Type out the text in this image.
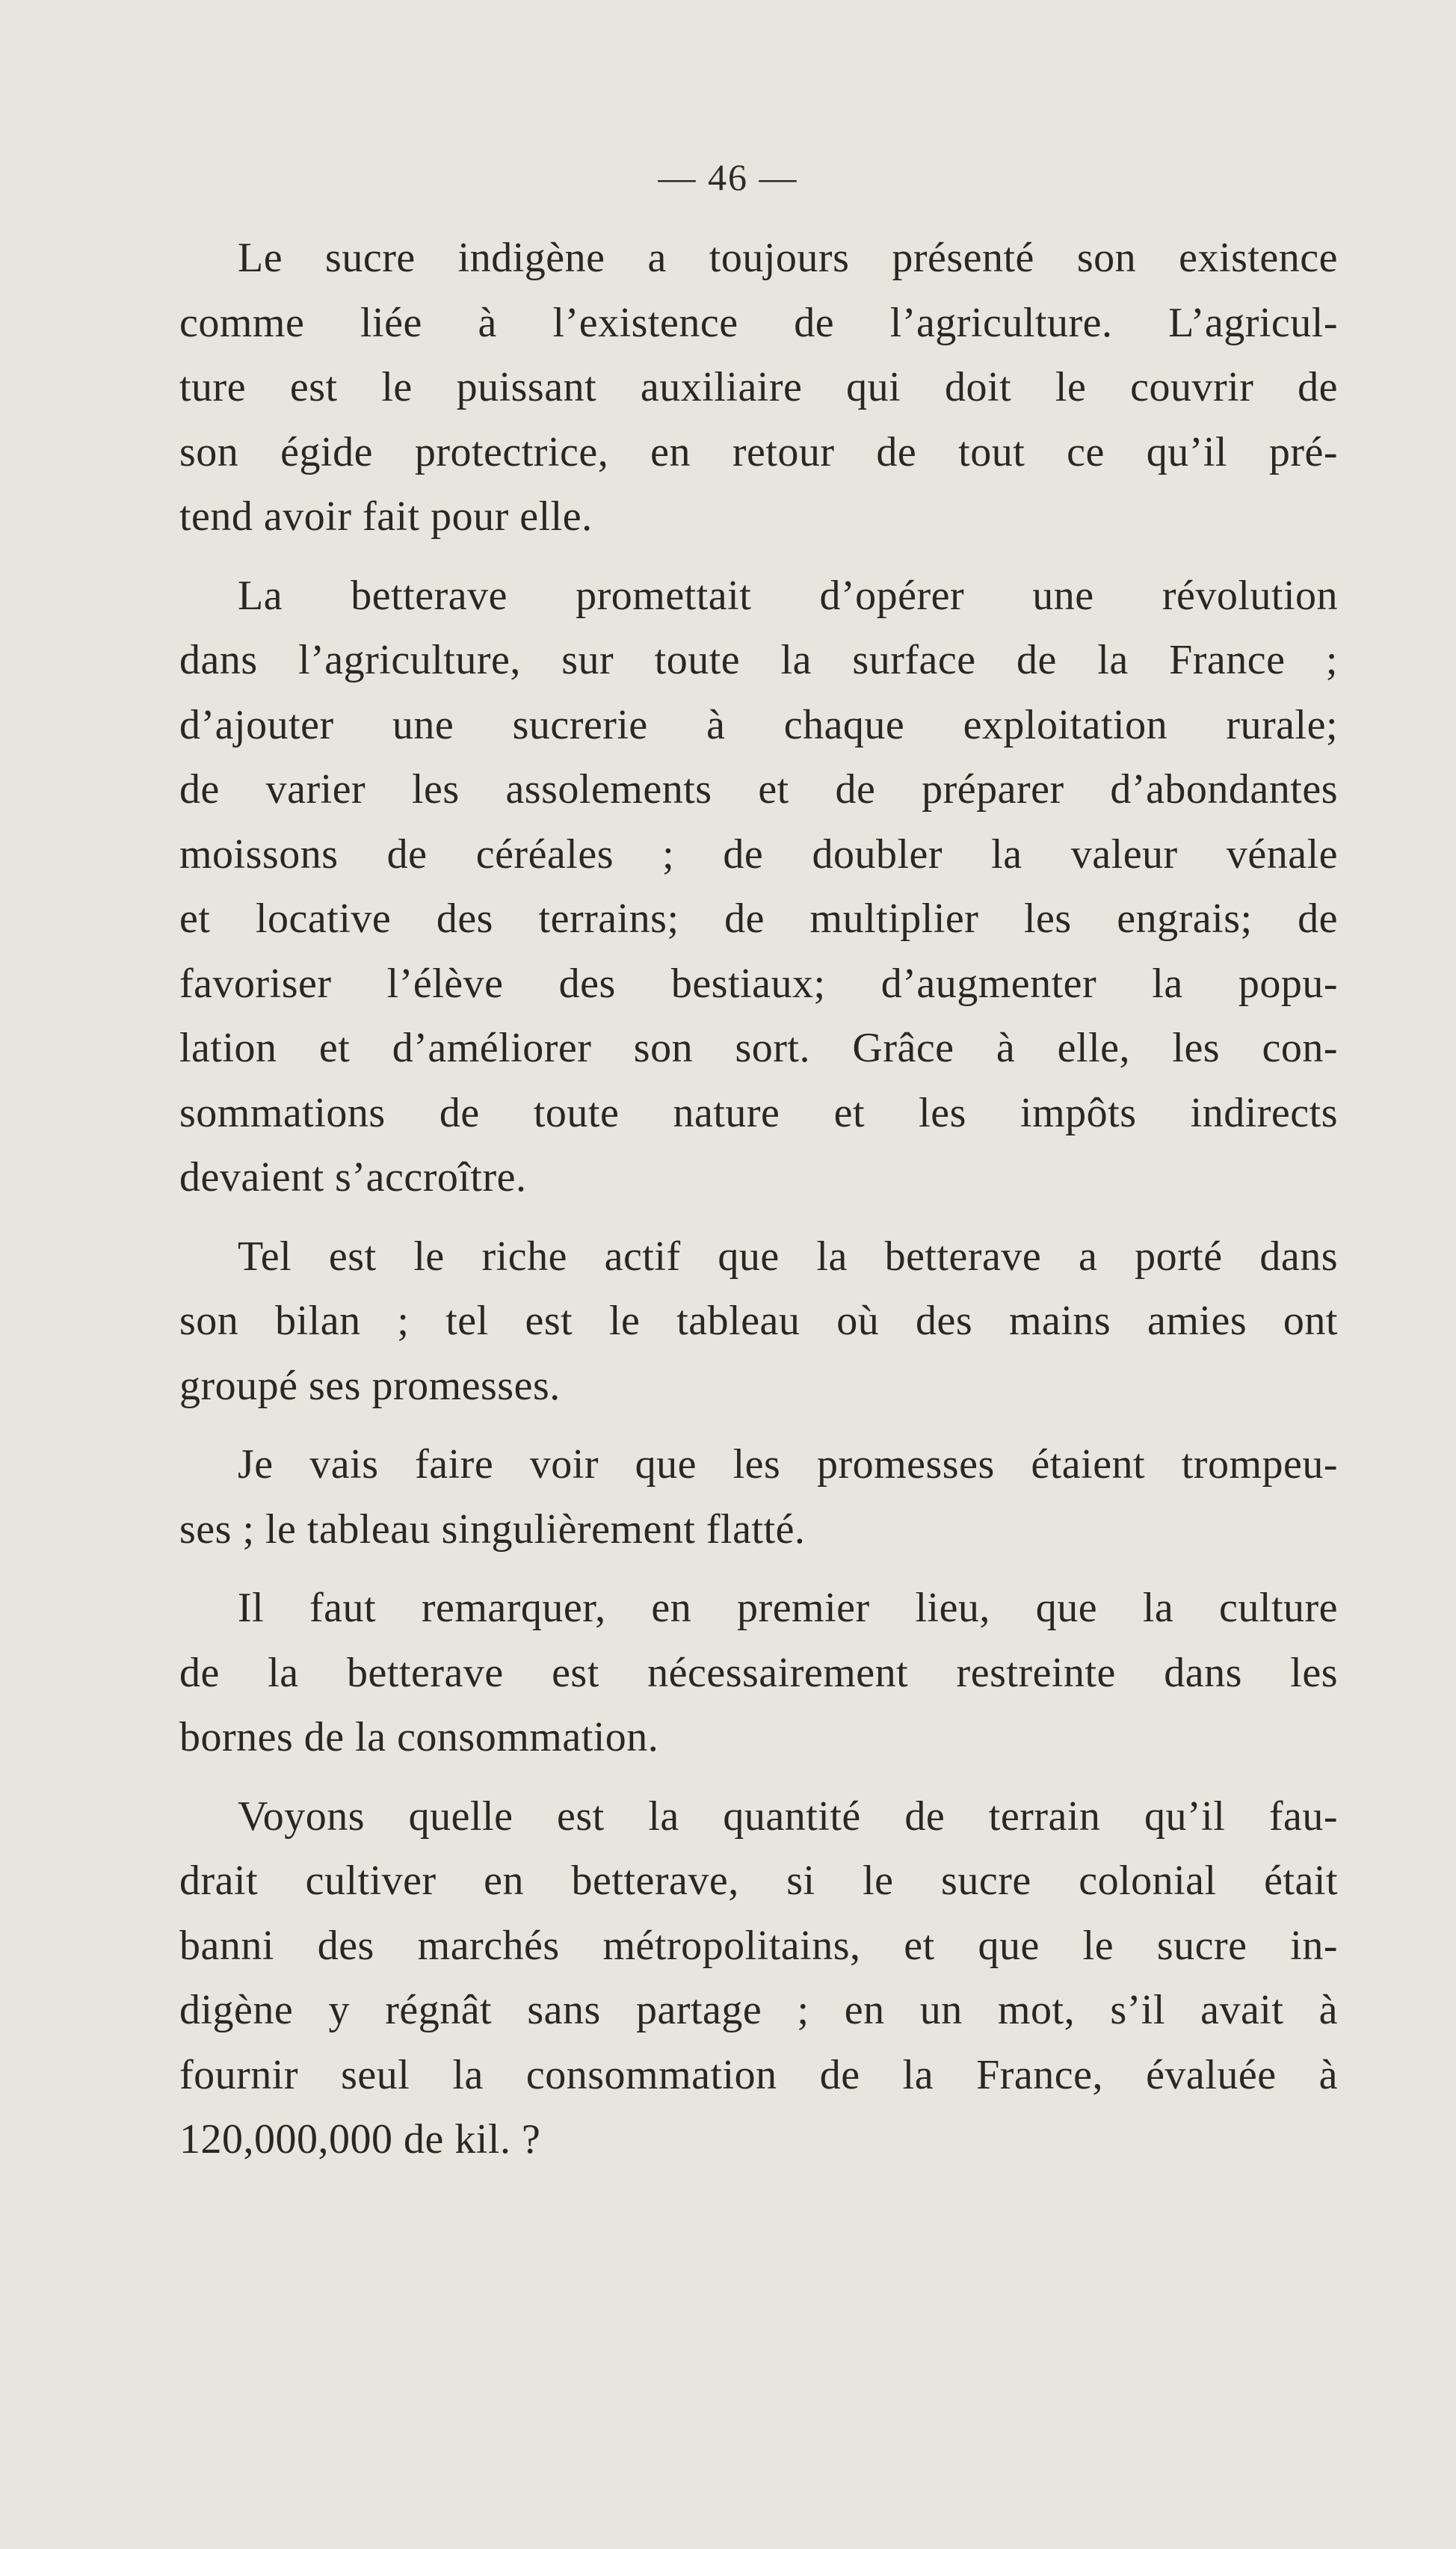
— 46 —

Le sucre indigène a toujours présenté son existence
comme liée à l’existence de l’agriculture. L’agricul-
ture est le puissant auxiliaire qui doit le couvrir de
son égide protectrice, en retour de tout ce qu’il pré-
tend avoir fait pour elle.

La betterave promettait d’opérer une révolution
dans l’agriculture, sur toute la surface de la France ;
d’ajouter une sucrerie à chaque exploitation rurale;
de varier les assolements et de préparer d’abondantes
moissons de céréales ; de doubler la valeur vénale
et locative des terrains; de multiplier les engrais; de
favoriser l’élève des bestiaux; d’augmenter la popu-
lation et d’améliorer son sort. Grâce à elle, les con-
sommations de toute nature et les impôts indirects
devaient s’accroître.

Tel est le riche actif que la betterave a porté dans
son bilan ; tel est le tableau où des mains amies ont
groupé ses promesses.

Je vais faire voir que les promesses étaient trompeu-
ses ; le tableau singulièrement flatté.

Il faut remarquer, en premier lieu, que la culture
de la betterave est nécessairement restreinte dans les
bornes de la consommation.

Voyons quelle est la quantité de terrain qu’il fau-
drait cultiver en betterave, si le sucre colonial était
banni des marchés métropolitains, et que le sucre in-
digène y régnât sans partage ; en un mot, s’il avait à
fournir seul la consommation de la France, évaluée à
120,000,000 de kil. ?
